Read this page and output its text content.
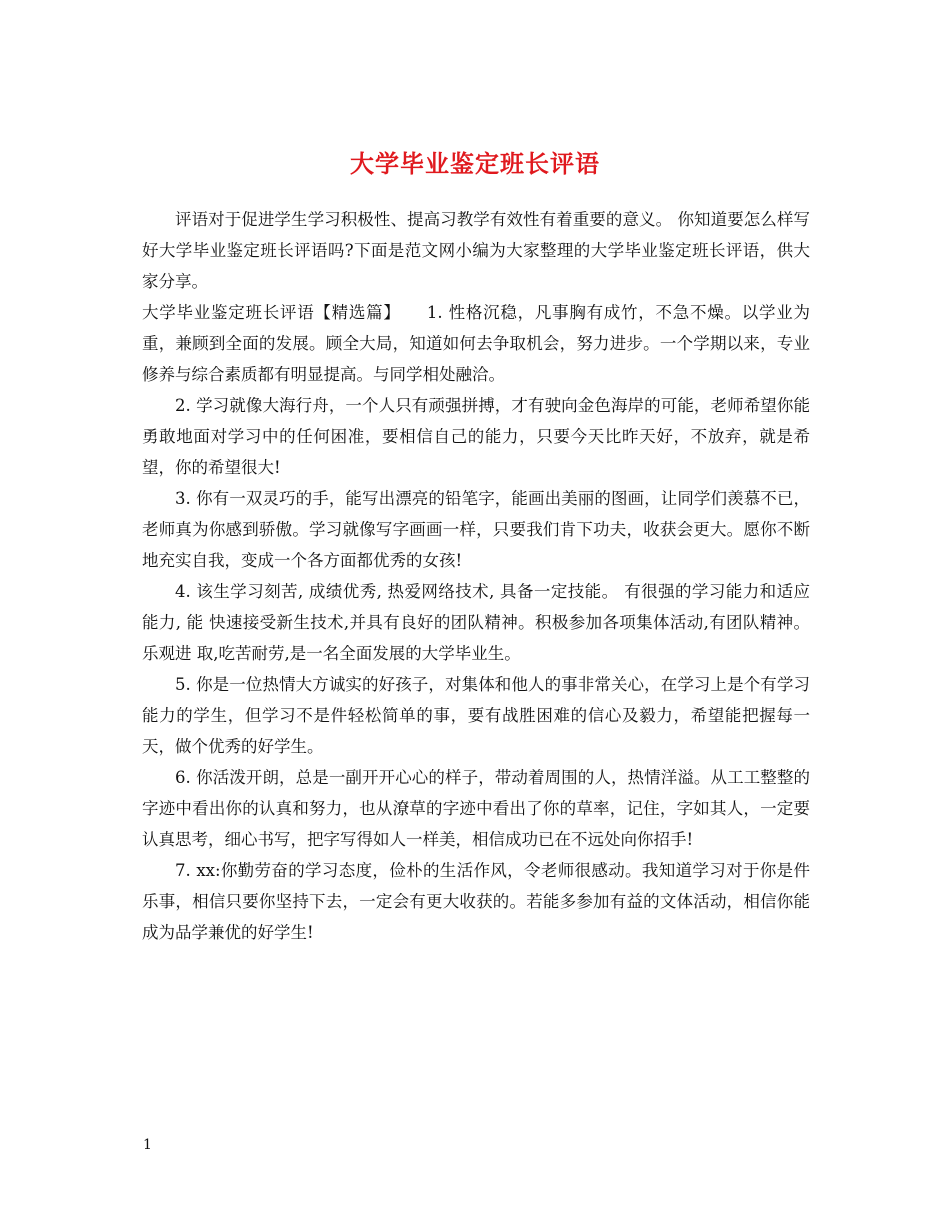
大学毕业鉴定班长评语

评语对于促进学生学习积极性、提高习教学有效性有着重要的意义。 你知道要怎么样写好大学毕业鉴定班长评语吗?下面是范文网小编为大家整理的大学毕业鉴定班长评语，供大家分享。

大学毕业鉴定班长评语【精选篇】　　1. 性格沉稳，凡事胸有成竹，不急不燥。以学业为重，兼顾到全面的发展。顾全大局，知道如何去争取机会，努力进步。一个学期以来，专业修养与综合素质都有明显提高。与同学相处融洽。

2. 学习就像大海行舟，一个人只有顽强拼搏，才有驶向金色海岸的可能，老师希望你能勇敢地面对学习中的任何困准，要相信自己的能力，只要今天比昨天好，不放弃，就是希望，你的希望很大!

3. 你有一双灵巧的手，能写出漂亮的铅笔字，能画出美丽的图画，让同学们羡慕不已，老师真为你感到骄傲。学习就像写字画画一样，只要我们肯下功夫，收获会更大。愿你不断地充实自我，变成一个各方面都优秀的女孩!

4. 该生学习刻苦, 成绩优秀, 热爱网络技术, 具备一定技能。 有很强的学习能力和适应能力, 能 快速接受新生技术,并具有良好的团队精神。积极参加各项集体活动,有团队精神。乐观进 取,吃苦耐劳,是一名全面发展的大学毕业生。

5. 你是一位热情大方诚实的好孩子，对集体和他人的事非常关心，在学习上是个有学习能力的学生，但学习不是件轻松简单的事，要有战胜困难的信心及毅力，希望能把握每一天，做个优秀的好学生。

6. 你活泼开朗，总是一副开开心心的样子，带动着周围的人，热情洋溢。从工工整整的字迹中看出你的认真和努力，也从潦草的字迹中看出了你的草率，记住，字如其人，一定要认真思考，细心书写，把字写得如人一样美，相信成功已在不远处向你招手!

7. xx:你勤劳奋的学习态度，俭朴的生活作风，令老师很感动。我知道学习对于你是件乐事，相信只要你坚持下去，一定会有更大收获的。若能多参加有益的文体活动，相信你能成为品学兼优的好学生!

1
